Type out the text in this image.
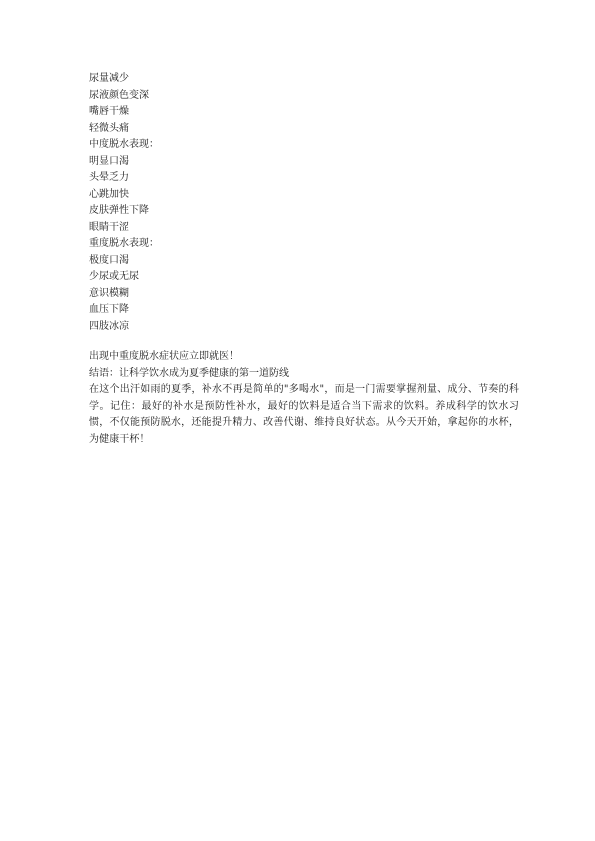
尿量减少

尿液颜色变深

嘴唇干燥

轻微头痛

中度脱水表现：

明显口渴

头晕乏力

心跳加快

皮肤弹性下降

眼睛干涩

重度脱水表现：

极度口渴

少尿或无尿

意识模糊

血压下降

四肢冰凉

出现中重度脱水症状应立即就医！

结语：让科学饮水成为夏季健康的第一道防线

在这个出汗如雨的夏季，补水不再是简单的"多喝水"，而是一门需要掌握剂量、成分、节奏的科学。记住：最好的补水是预防性补水，最好的饮料是适合当下需求的饮料。养成科学的饮水习惯，不仅能预防脱水，还能提升精力、改善代谢、维持良好状态。从今天开始，拿起你的水杯，为健康干杯！
